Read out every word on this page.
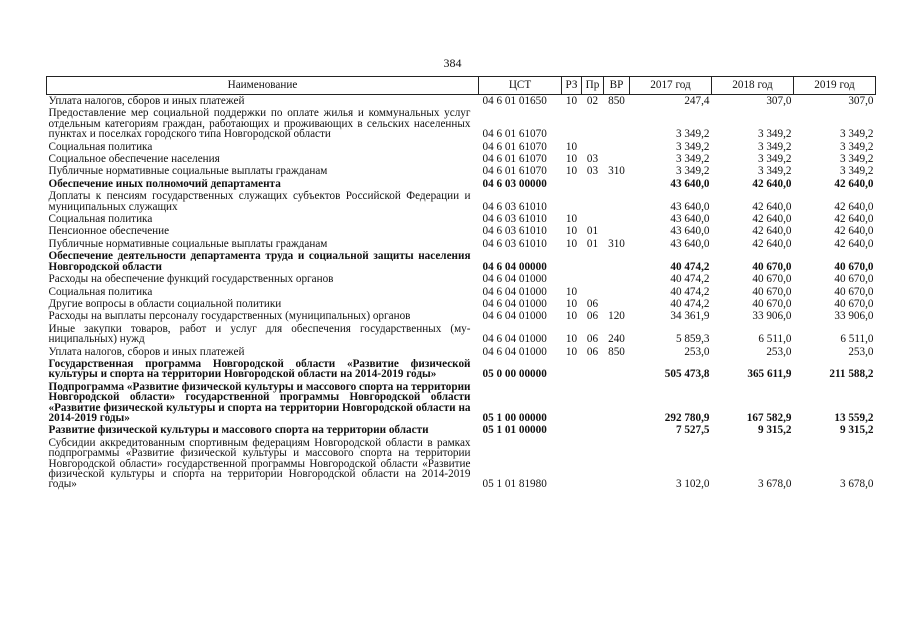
384
Наименование	ЦСТ	РЗ	Пр	ВР	2017 год	2018 год	2019 год
Уплата налогов, сборов и иных платежей	04 6 01 01650	10	02	850	247,4	307,0	307,0
Предоставление мер социальной поддержки по оплате жилья и коммунальных услуг отдельным категориям граждан, работающих и проживающих в сельских населенных пунктах и поселках городского типа Новгородской области	04 6 01 61070				3 349,2	3 349,2	3 349,2
Социальная политика	04 6 01 61070	10			3 349,2	3 349,2	3 349,2
Социальное обеспечение населения	04 6 01 61070	10	03		3 349,2	3 349,2	3 349,2
Публичные нормативные социальные выплаты гражданам	04 6 01 61070	10	03	310	3 349,2	3 349,2	3 349,2
Обеспечение иных полномочий департамента	04 6 03 00000				43 640,0	42 640,0	42 640,0
Доплаты к пенсиям государственных служащих субъектов Российской Федерации и муниципальных служащих	04 6 03 61010				43 640,0	42 640,0	42 640,0
Социальная политика	04 6 03 61010	10			43 640,0	42 640,0	42 640,0
Пенсионное обеспечение	04 6 03 61010	10	01		43 640,0	42 640,0	42 640,0
Публичные нормативные социальные выплаты гражданам	04 6 03 61010	10	01	310	43 640,0	42 640,0	42 640,0
Обеспечение деятельности департамента труда и социальной защиты населения Новгородской области	04 6 04 00000				40 474,2	40 670,0	40 670,0
Расходы на обеспечение функций государственных органов	04 6 04 01000				40 474,2	40 670,0	40 670,0
Социальная политика	04 6 04 01000	10			40 474,2	40 670,0	40 670,0
Другие вопросы в области социальной политики	04 6 04 01000	10	06		40 474,2	40 670,0	40 670,0
Расходы на выплаты персоналу государственных (муниципальных) органов	04 6 04 01000	10	06	120	34 361,9	33 906,0	33 906,0
Иные закупки товаров, работ и услуг для обеспечения государственных (муниципальных) нужд	04 6 04 01000	10	06	240	5 859,3	6 511,0	6 511,0
Уплата налогов, сборов и иных платежей	04 6 04 01000	10	06	850	253,0	253,0	253,0
Государственная программа Новгородской области «Развитие физической культуры и спорта на территории Новгородской области на 2014-2019 годы»	05 0 00 00000				505 473,8	365 611,9	211 588,2
Подпрограмма «Развитие физической культуры и массового спорта на территории Новгородской области» государственной программы Новгородской области «Развитие физической культуры и спорта на территории Новгородской области на 2014-2019 годы»	05 1 00 00000				292 780,9	167 582,9	13 559,2
Развитие физической культуры и массового спорта на территории области	05 1 01 00000				7 527,5	9 315,2	9 315,2
Субсидии аккредитованным спортивным федерациям Новгородской области в рамках подпрограммы «Развитие физической культуры и массового спорта на территории Новгородской области» государственной программы Новгородской области «Развитие физической культуры и спорта на территории Новгородской области на 2014-2019 годы»	05 1 01 81980				3 102,0	3 678,0	3 678,0
